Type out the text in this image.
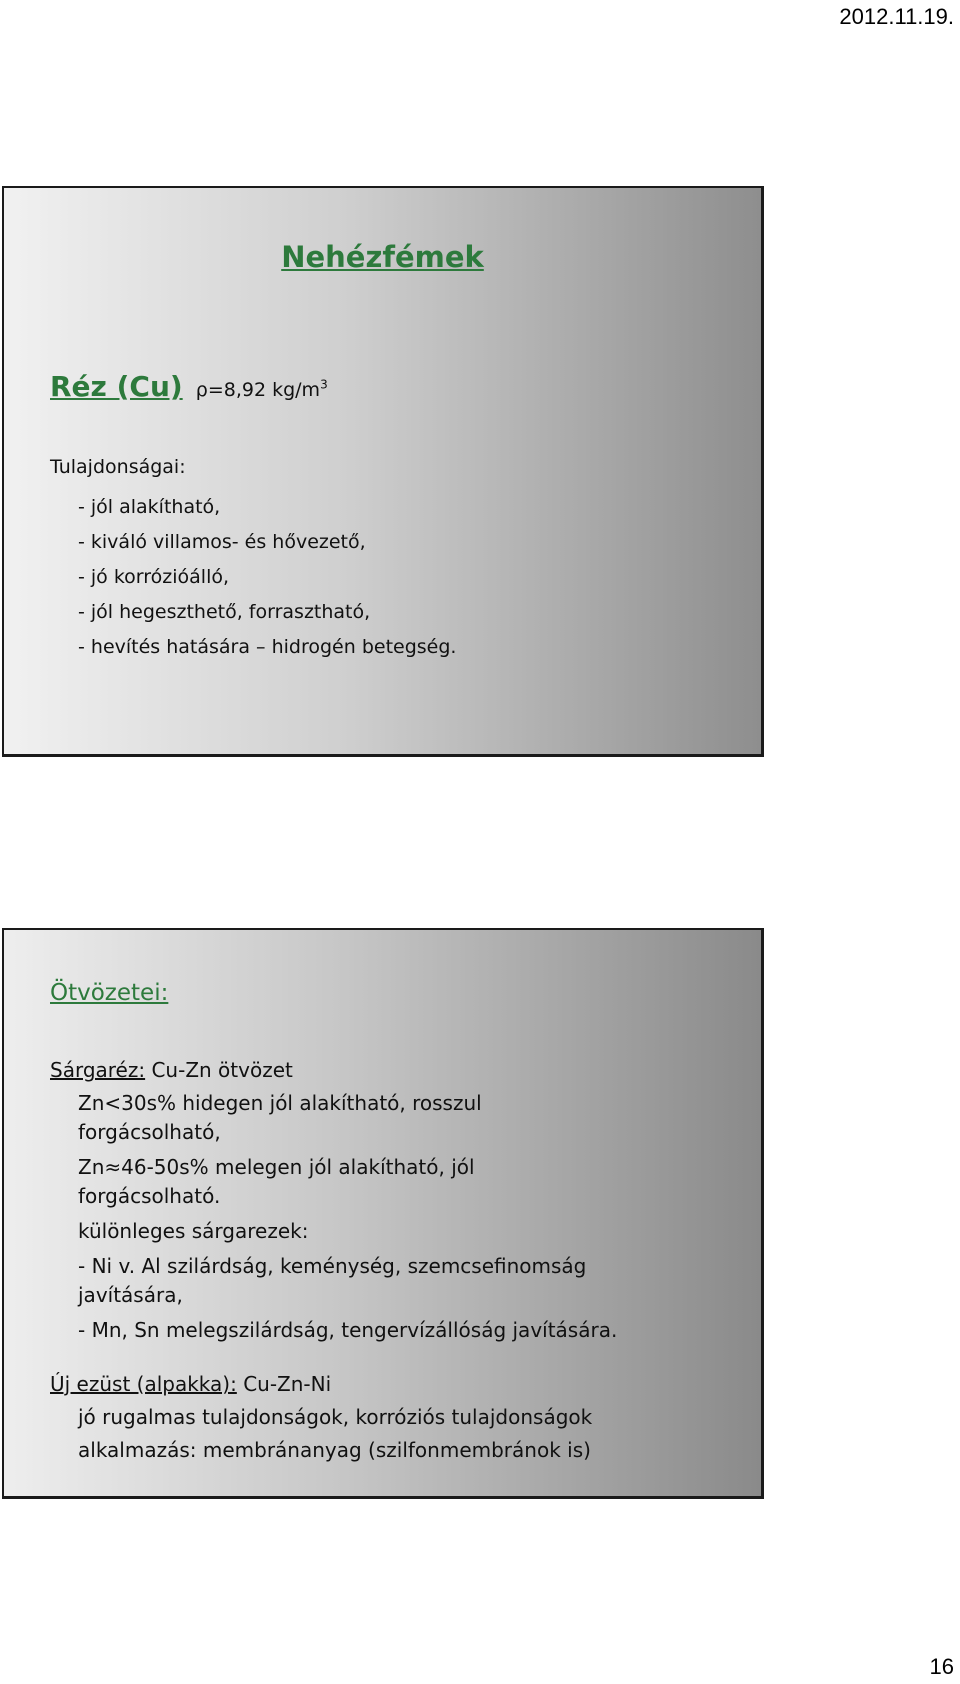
2012.11.19.
Nehézfémek
Réz (Cu) ρ=8,92 $kg/m^3$
Tulajdonságai:
- jól alakítható,
- kiváló villamos- és hővezető,
- jó korrózióálló,
- jól hegeszthető, forrasztható,
- hevítés hatására – hidrogén betegség.
Ötvözetei:
Sárgaréz: Cu-Zn ötvözet
Zn<30s% hidegen jól alakítható, rosszul
forgácsolható,
Zn≈46-50s% melegen jól alakítható, jól
forgácsolható.
különleges sárgarezek:
- Ni v. Al szilárdság, keménység, szemcsefinomság
javítására,
- Mn, Sn melegszilárdság, tengervízállóság javítására.
Új ezüst (alpakka): Cu-Zn-Ni
jó rugalmas tulajdonságok, korróziós tulajdonságok
alkalmazás: membránanyag (szilfonmembránok is)
16
